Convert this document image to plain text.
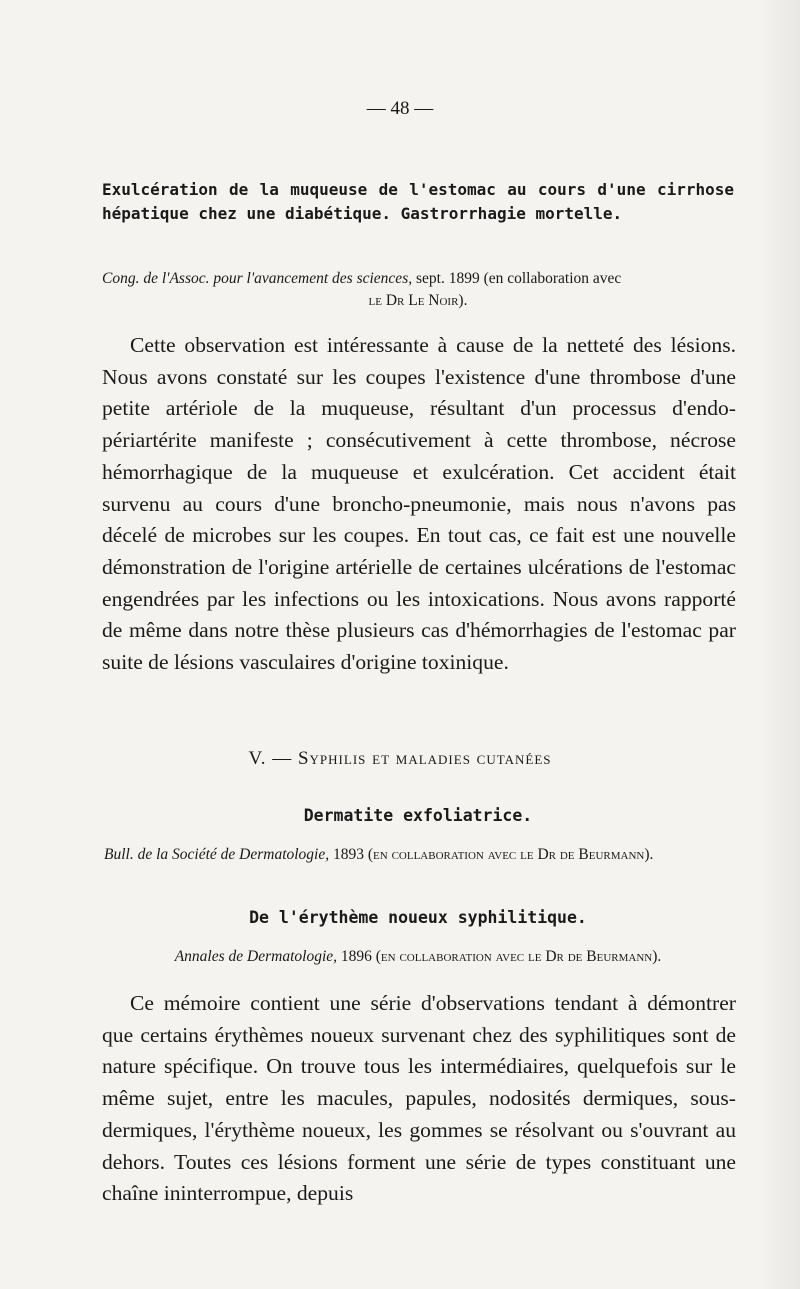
— 48 —
Exulcération de la muqueuse de l'estomac au cours d'une cirrhose hépatique chez une diabétique. Gastrorrhagie mortelle.
Cong. de l'Assoc. pour l'avancement des sciences, sept. 1899 (en collaboration avec
le Dr Le Noir).

Cette observation est intéressante à cause de la netteté des lésions. Nous avons constaté sur les coupes l'existence d'une thrombose d'une petite artériole de la muqueuse, résultant d'un processus d'endo-périartérite manifeste ; consécutivement à cette thrombose, nécrose hémorrhagique de la muqueuse et exulcération. Cet accident était survenu au cours d'une broncho-pneumonie, mais nous n'avons pas décelé de microbes sur les coupes. En tout cas, ce fait est une nouvelle démonstration de l'origine artérielle de certaines ulcérations de l'estomac engendrées par les infections ou les intoxications. Nous avons rapporté de même dans notre thèse plusieurs cas d'hémorrhagies de l'estomac par suite de lésions vasculaires d'origine toxinique.

V. — Syphilis et maladies cutanées
Dermatite exfoliatrice.
Bull. de la Société de Dermatologie, 1893 (en collaboration avec le Dr de Beurmann).
De l'érythème noueux syphilitique.
Annales de Dermatologie, 1896 (en collaboration avec le Dr de Beurmann).

Ce mémoire contient une série d'observations tendant à démontrer que certains érythèmes noueux survenant chez des syphilitiques sont de nature spécifique. On trouve tous les intermédiaires, quelquefois sur le même sujet, entre les macules, papules, nodosités dermiques, sous-dermiques, l'érythème noueux, les gommes se résolvant ou s'ouvrant au dehors. Toutes ces lésions forment une série de types constituant une chaîne ininterrompue, depuis
